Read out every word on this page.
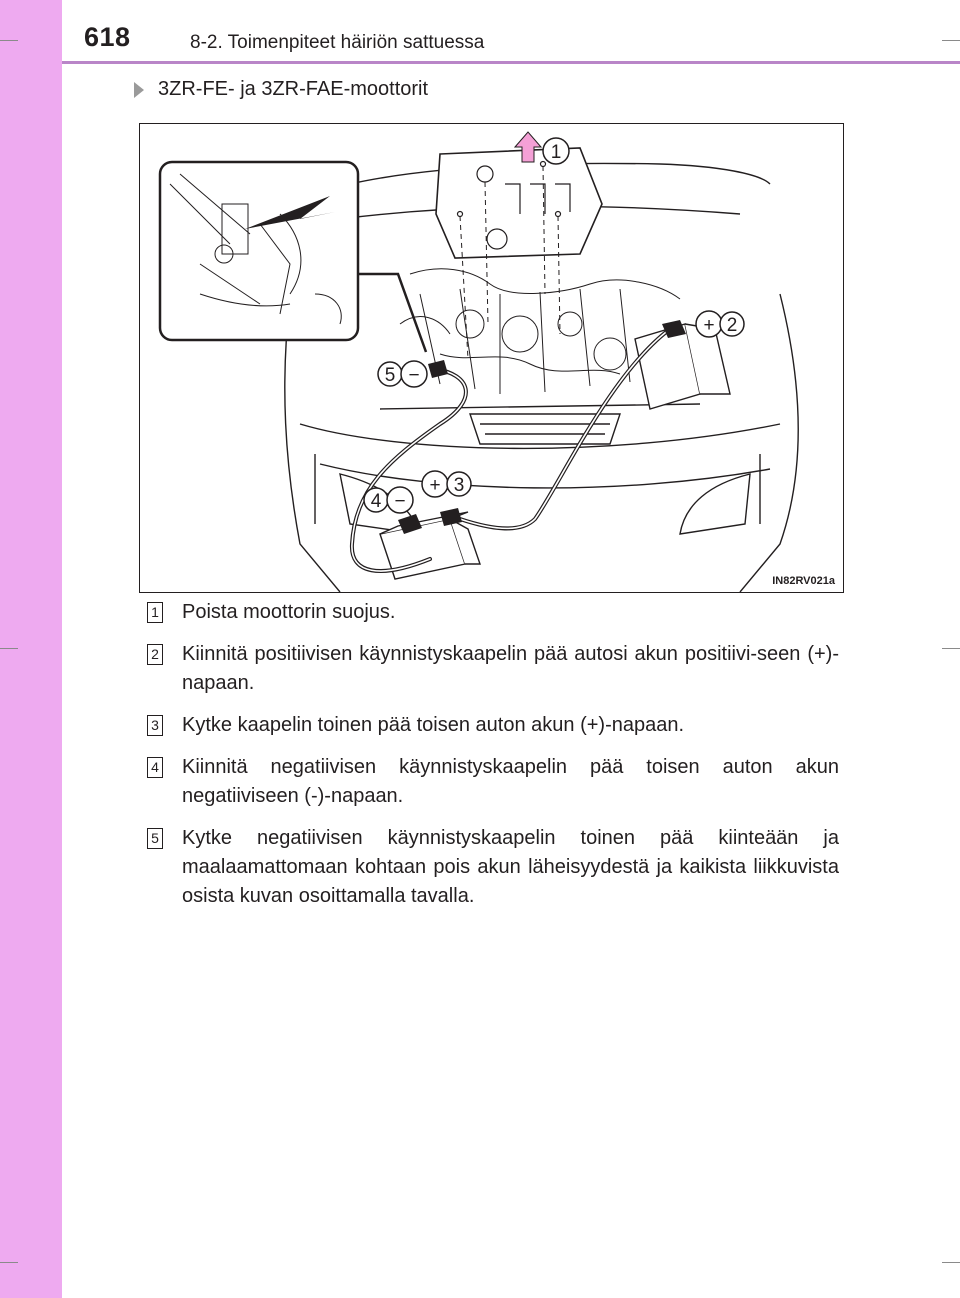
618	8-2. Toimenpiteet häiriön sattuessa
3ZR-FE- ja 3ZR-FAE-moottorit
1
+ 2
+ 3
4 −
5 −
IN82RV021a
1 Poista moottorin suojus.
2 Kiinnitä positiivisen käynnistyskaapelin pää autosi akun positiivi-seen (+)-napaan.
3 Kytke kaapelin toinen pää toisen auton akun (+)-napaan.
4 Kiinnitä negatiivisen käynnistyskaapelin pää toisen auton akun negatiiviseen (-)-napaan.
5 Kytke negatiivisen käynnistyskaapelin toinen pää kiinteään ja maalaamattomaan kohtaan pois akun läheisyydestä ja kaikista liikkuvista osista kuvan osoittamalla tavalla.
